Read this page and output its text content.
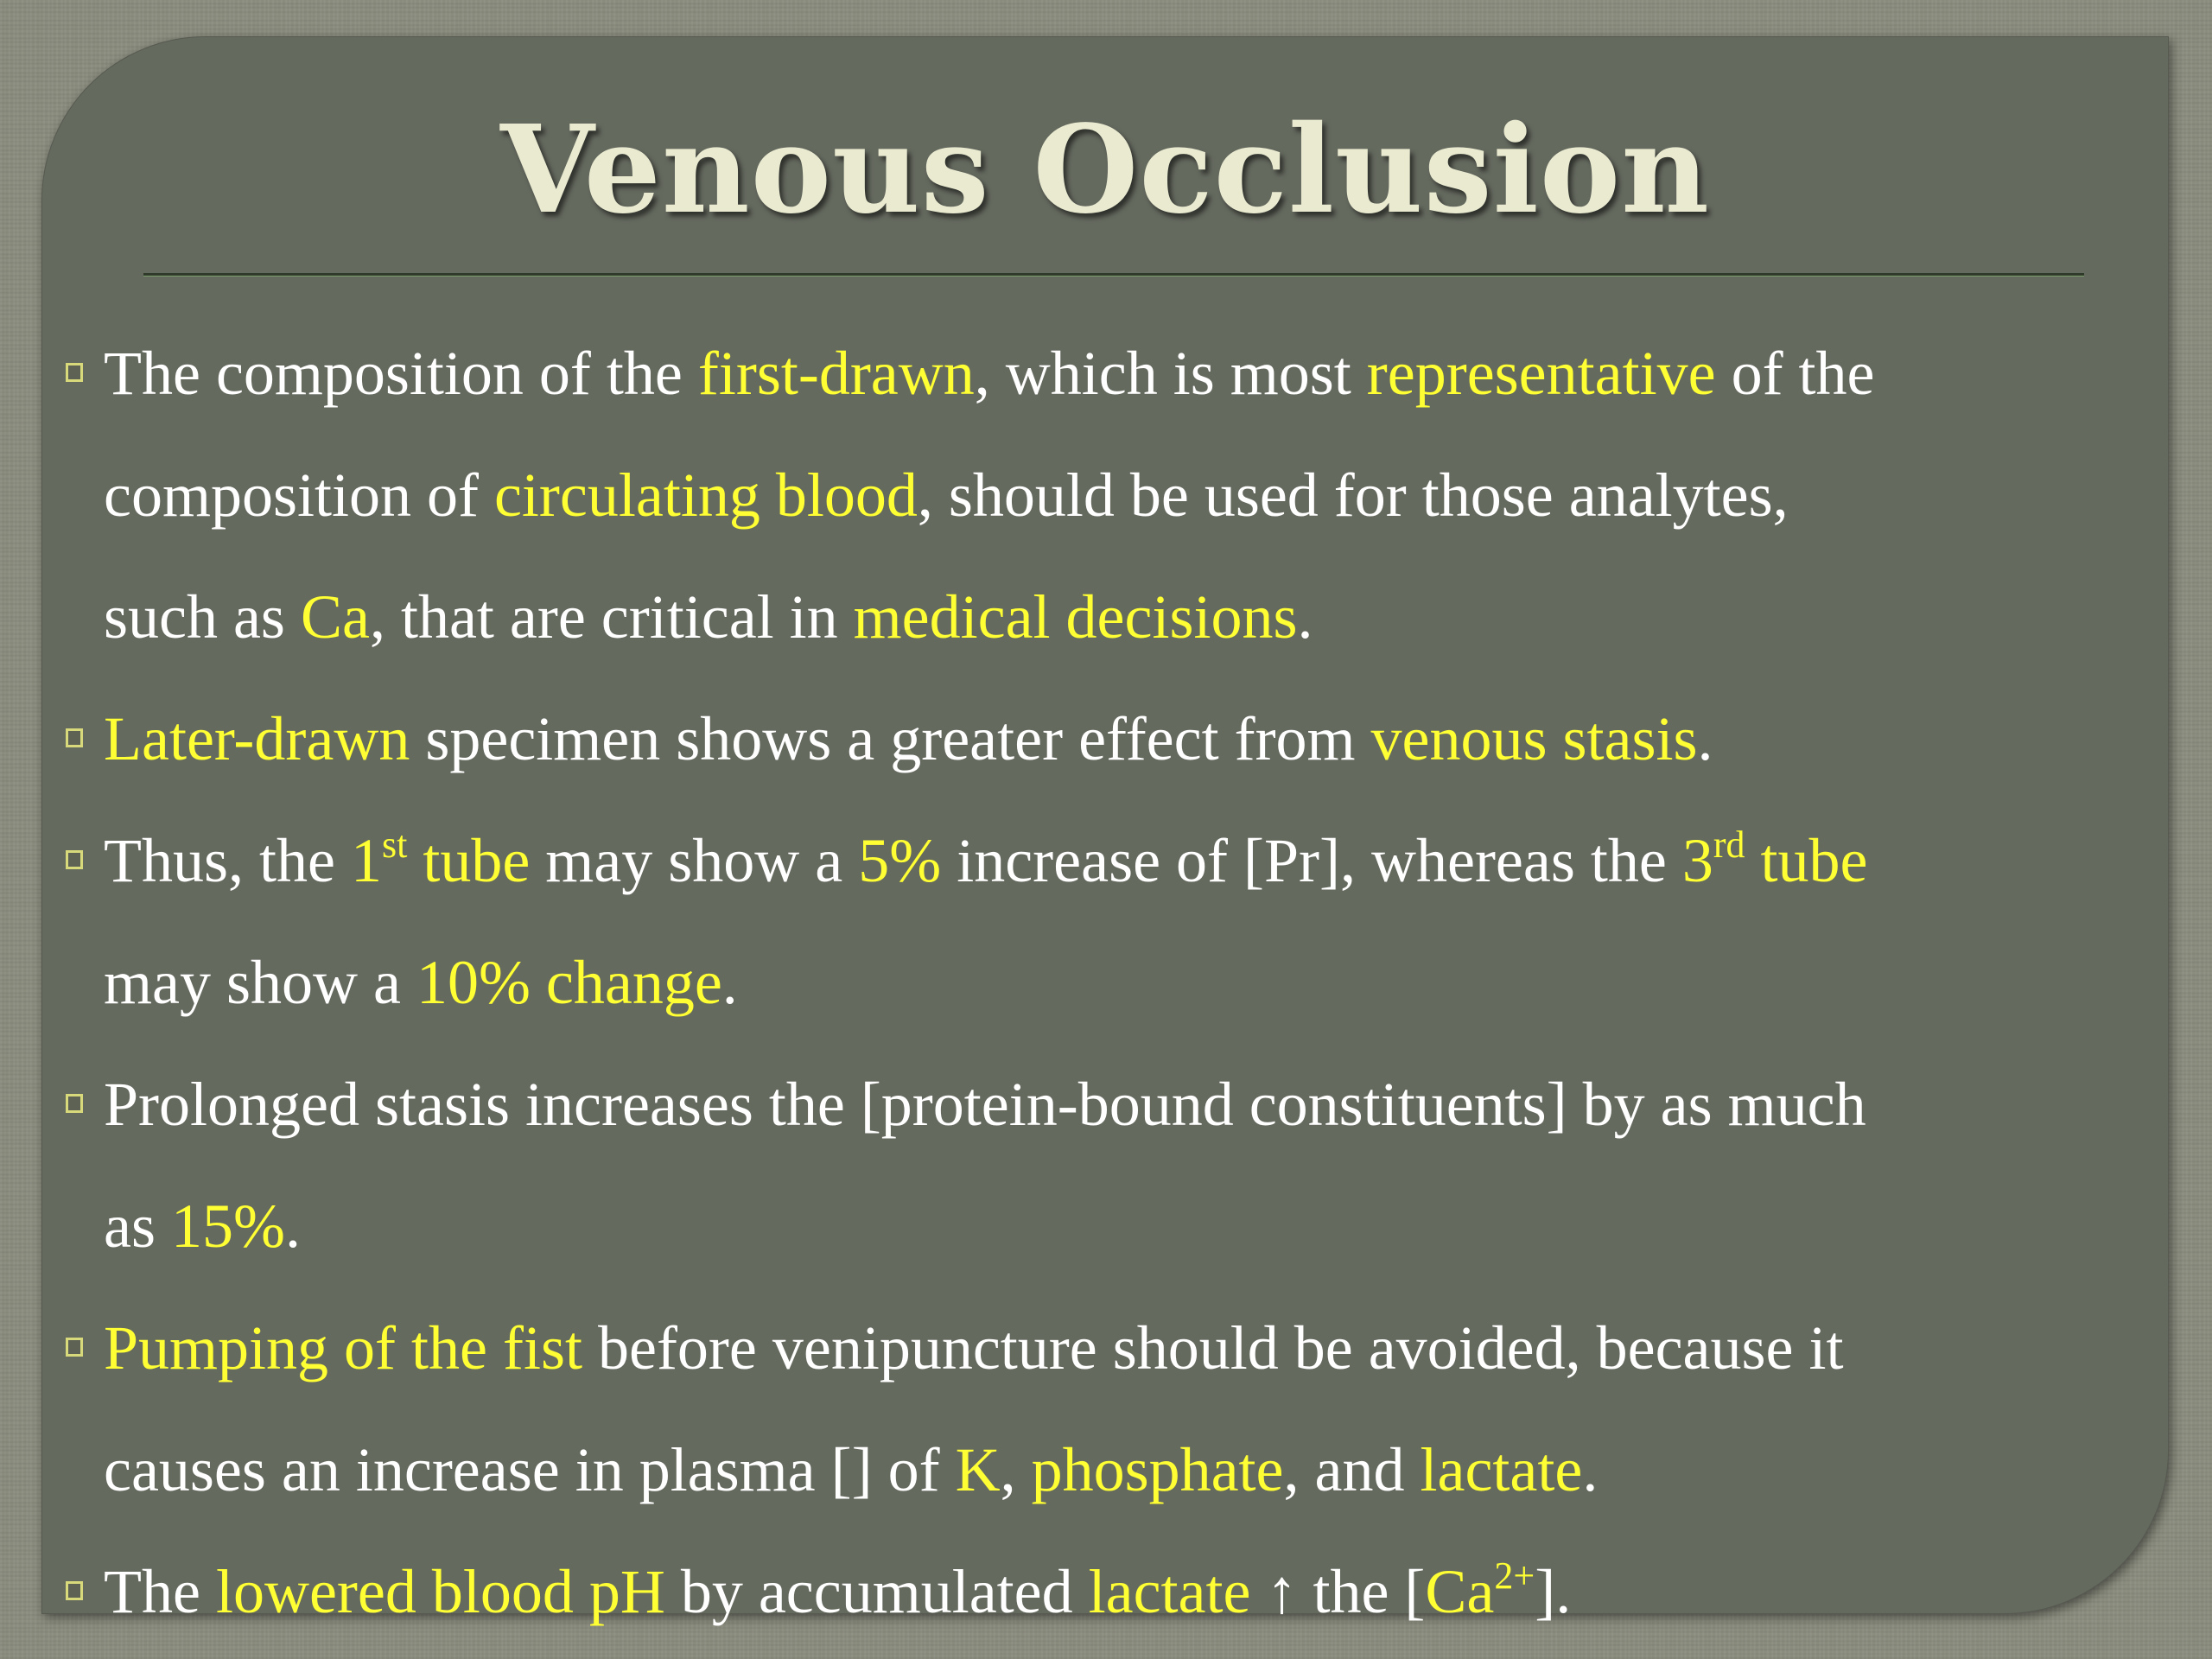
Venous Occlusion
The composition of the first-drawn, which is most representative of the
composition of circulating blood, should be used for those analytes,
such as Ca, that are critical in medical decisions.
Later-drawn specimen shows a greater effect from venous stasis.
Thus, the 1st tube may show a 5% increase of [Pr], whereas the 3rd tube
may show a 10% change.
Prolonged stasis increases the [protein-bound constituents] by as much
as 15%.
Pumping of the fist before venipuncture should be avoided, because it
causes an increase in plasma [] of K, phosphate, and lactate.
The lowered blood pH by accumulated lactate ↑ the $[Ca^{2+}]$.
